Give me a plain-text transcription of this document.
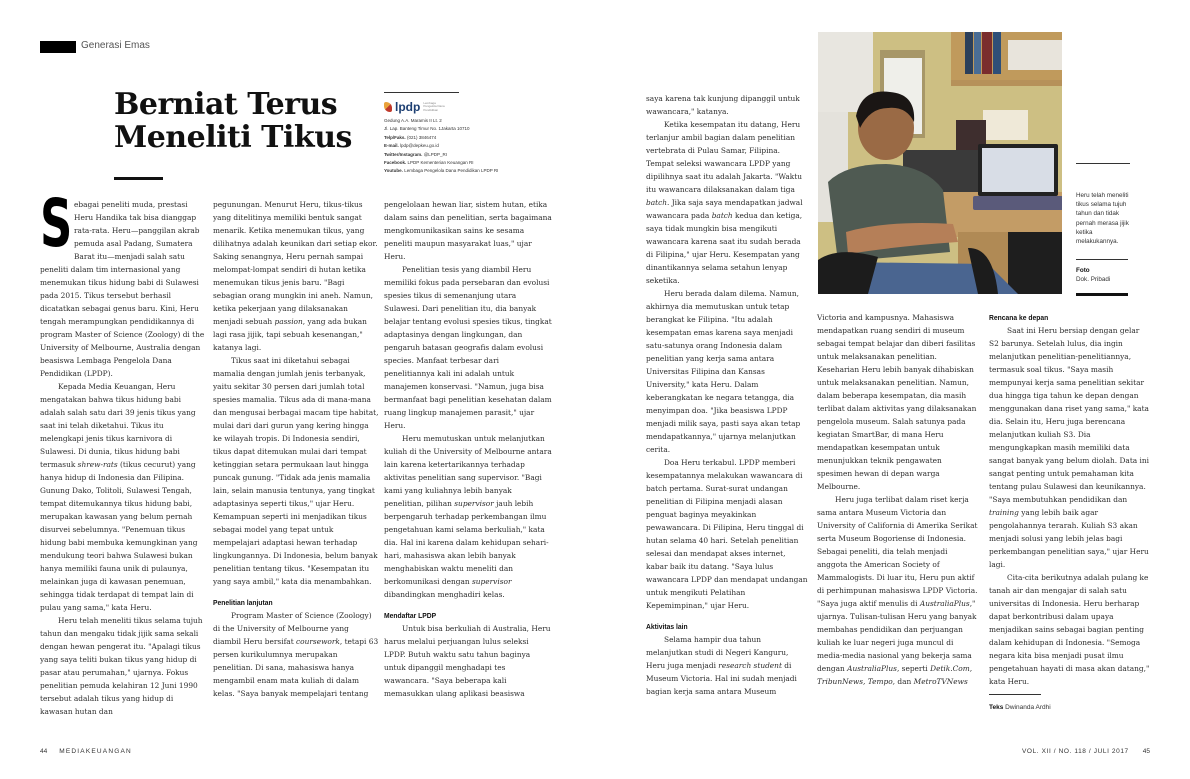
Generasi Emas
Berniat Terus
Meneliti Tikus
lpdp Lembaga Pengelola Dana Pendidikan
Gedung A.A. Maramis II Lt. 2
Jl. Lap. Banteng Timur No. 1Jakarta 10710
Telp/Faks. (021) 3846474
E-mail. lpdp@depkeu.go.id
Twitter/Instagram. @LPDP_RI
Facebook. LPDP Kementerian Keuangan RI
Youtube. Lembaga Pengelola Dana Pendidikan LPDP RI

Sebagai peneliti muda, prestasi Heru Handika tak bisa dianggap rata-rata. Heru—panggilan akrab pemuda asal Padang, Sumatera Barat itu—menjadi salah satu peneliti dalam tim internasional yang menemukan tikus hidung babi di Sulawesi pada 2015. Tikus tersebut berhasil dicatatkan sebagai genus baru. Kini, Heru tengah merampungkan pendidikannya di program Master of Science (Zoology) di the University of Melbourne, Australia dengan beasiswa Lembaga Pengelola Dana Pendidikan (LPDP).

Kepada Media Keuangan, Heru mengatakan bahwa tikus hidung babi adalah salah satu dari 39 jenis tikus yang saat ini telah diketahui. Tikus itu melengkapi jenis tikus karnivora di Sulawesi. Di dunia, tikus hidung babi termasuk shrew-rats (tikus cecurut) yang hanya hidup di Indonesia dan Filipina. Gunung Dako, Tolitoli, Sulawesi Tengah, tempat ditemukannya tikus hidung babi, merupakan kawasan yang belum pernah disurvei sebelumnya. "Penemuan tikus hidung babi membuka kemungkinan yang mendukung teori bahwa Sulawesi bukan hanya memiliki fauna unik di pulaunya, melainkan juga di kawasan penemuan, sehingga tidak terdapat di tempat lain di pulau yang sama," kata Heru.

Heru telah meneliti tikus selama tujuh tahun dan mengaku tidak jijik sama sekali dengan hewan pengerat itu. "Apalagi tikus yang saya teliti bukan tikus yang hidup di pasar atau perumahan," ujarnya. Fokus penelitian pemuda kelahiran 12 Juni 1990 tersebut adalah tikus yang hidup di kawasan hutan dan

pegunungan. Menurut Heru, tikus-tikus yang ditelitinya memiliki bentuk sangat menarik. Ketika menemukan tikus, yang dilihatnya adalah keunikan dari setiap ekor. Saking senangnya, Heru pernah sampai melompat-lompat sendiri di hutan ketika menemukan tikus jenis baru. "Bagi sebagian orang mungkin ini aneh. Namun, ketika pekerjaan yang dilaksanakan menjadi sebuah passion, yang ada bukan lagi rasa jijik, tapi sebuah kesenangan," katanya lagi.

Tikus saat ini diketahui sebagai mamalia dengan jumlah jenis terbanyak, yaitu sekitar 30 persen dari jumlah total spesies mamalia. Tikus ada di mana-mana dan mengusai berbagai macam tipe habitat, mulai dari dari gurun yang kering hingga ke wilayah tropis. Di Indonesia sendiri, tikus dapat ditemukan mulai dari tempat ketinggian setara permukaan laut hingga puncak gunung. "Tidak ada jenis mamalia lain, selain manusia tentunya, yang tingkat adaptasinya seperti tikus," ujar Heru. Kemampuan seperti ini menjadikan tikus sebagai model yang tepat untuk mempelajari adaptasi hewan terhadap lingkungannya. Di Indonesia, belum banyak penelitian tentang tikus. "Kesempatan itu yang saya ambil," kata dia menambahkan.

Penelitian lanjutan

Program Master of Science (Zoology) di the University of Melbourne yang diambil Heru bersifat coursework, tetapi 63 persen kurikulumnya merupakan penelitian. Di sana, mahasiswa hanya mengambil enam mata kuliah di dalam kelas. "Saya banyak mempelajari tentang

pengelolaan hewan liar, sistem hutan, etika dalam sains dan penelitian, serta bagaimana mengkomunikasikan sains ke sesama peneliti maupun masyarakat luas," ujar Heru.

Penelitian tesis yang diambil Heru memiliki fokus pada persebaran dan evolusi spesies tikus di semenanjung utara Sulawesi. Dari penelitian itu, dia banyak belajar tentang evolusi spesies tikus, tingkat adaptasinya dengan lingkungan, dan pengaruh batasan geografis dalam evolusi species. Manfaat terbesar dari penelitiannya kali ini adalah untuk manajemen konservasi. "Namun, juga bisa bermanfaat bagi penelitian kesehatan dalam ruang lingkup manajemen parasit," ujar Heru.

Heru memutuskan untuk melanjutkan kuliah di the University of Melbourne antara lain karena ketertarikannya terhadap aktivitas penelitian sang supervisor. "Bagi kami yang kuliahnya lebih banyak penelitian, pilihan supervisor jauh lebih berpengaruh terhadap perkembangan ilmu pengetahuan kami selama berkuliah," kata dia. Hal ini karena dalam kehidupan sehari-hari, mahasiswa akan lebih banyak menghabiskan waktu meneliti dan berkomunikasi dengan supervisor dibandingkan menghadiri kelas.

Mendaftar LPDP

Untuk bisa berkuliah di Australia, Heru harus melalui perjuangan lulus seleksi LPDP. Butuh waktu satu tahun baginya untuk dipanggil menghadapi tes wawancara. "Saya beberapa kali memasukkan ulang aplikasi beasiswa

saya karena tak kunjung dipanggil untuk wawancara," katanya.

Ketika kesempatan itu datang, Heru terlanjur ambil bagian dalam penelitian vertebrata di Pulau Samar, Filipina. Tempat seleksi wawancara LPDP yang dipilihnya saat itu adalah Jakarta. "Waktu itu wawancara dilaksanakan dalam tiga batch. Jika saja saya mendapatkan jadwal wawancara pada batch kedua dan ketiga, saya tidak mungkin bisa mengikuti wawancara karena saat itu sudah berada di Filipina," ujar Heru. Kesempatan yang dinantikannya selama setahun lenyap seketika.

Heru berada dalam dilema. Namun, akhirnya dia memutuskan untuk tetap berangkat ke Filipina. "Itu adalah kesempatan emas karena saya menjadi satu-satunya orang Indonesia dalam penelitian yang kerja sama antara Universitas Filipina dan Kansas University," kata Heru. Dalam keberangkatan ke negara tetangga, dia menyimpan doa. "Jika beasiswa LPDP menjadi milik saya, pasti saya akan tetap mendapatkannya," ujarnya melanjutkan cerita.

Doa Heru terkabul. LPDP memberi kesempatannya melakukan wawancara di batch pertama. Surat-surat undangan penelitian di Filipina menjadi alasan penguat baginya meyakinkan pewawancara. Di Filipina, Heru tinggal di hutan selama 40 hari. Setelah penelitian selesai dan mendapat akses internet, kabar baik itu datang. "Saya lulus wawancara LPDP dan mendapat undangan untuk mengikuti Pelatihan Kepemimpinan," ujar Heru.

Aktivitas lain

Selama hampir dua tahun melanjutkan studi di Negeri Kanguru, Heru juga menjadi research student di Museum Victoria. Hal ini sudah menjadi bagian kerja sama antara Museum

Heru telah meneliti tikus selama tujuh tahun dan tidak pernah merasa jijik ketika melakukannya.
Foto
Dok. Pribadi

Victoria and kampusnya. Mahasiswa mendapatkan ruang sendiri di museum sebagai tempat belajar dan diberi fasilitas untuk melaksanakan penelitian. Keseharian Heru lebih banyak dihabiskan untuk melaksanakan penelitian. Namun, dalam beberapa kesempatan, dia masih terlibat dalam aktivitas yang dilaksanakan pengelola museum. Salah satunya pada kegiatan SmartBar, di mana Heru mendapatkan kesempatan untuk menunjukkan teknik pengawaten spesimen hewan di depan warga Melbourne.

Heru juga terlibat dalam riset kerja sama antara Museum Victoria dan University of California di Amerika Serikat serta Museum Bogoriense di Indonesia. Sebagai peneliti, dia telah menjadi anggota the American Society of Mammalogists. Di luar itu, Heru pun aktif di perhimpunan mahasiswa LPDP Victoria. "Saya juga aktif menulis di AustraliaPlus," ujarnya. Tulisan-tulisan Heru yang banyak membahas pendidikan dan perjuangan kuliah ke luar negeri juga muncul di media-media nasional yang bekerja sama dengan AustraliaPlus, seperti Detik.Com, TribunNews, Tempo, dan MetroTVNews

Rencana ke depan

Saat ini Heru bersiap dengan gelar S2 barunya. Setelah lulus, dia ingin melanjutkan penelitian-penelitiannya, termasuk soal tikus. "Saya masih mempunyai kerja sama penelitian sekitar dua hingga tiga tahun ke depan dengan menggunakan dana riset yang sama," kata dia. Selain itu, Heru juga berencana melanjutkan kuliah S3. Dia mengungkapkan masih memiliki data sangat banyak yang belum diolah. Data ini sangat penting untuk pemahaman kita tentang pulau Sulawesi dan keunikannya. "Saya membutuhkan pendidikan dan training yang lebih baik agar pengolahannya terarah. Kuliah S3 akan menjadi solusi yang lebih jelas bagi perkembangan penelitian saya," ujar Heru lagi.

Cita-cita berikutnya adalah pulang ke tanah air dan mengajar di salah satu universitas di Indonesia. Heru berharap dapat berkontribusi dalam upaya menjadikan sains sebagai bagian penting dalam kehidupan di Indonesia. "Semoga negara kita bisa menjadi pusat ilmu pengetahuan hayati di masa akan datang," kata Heru.

Teks Dwinanda Ardhi
44 MEDIAKEUANGAN	VOL. XII / NO. 118 / JULI 2017 45
